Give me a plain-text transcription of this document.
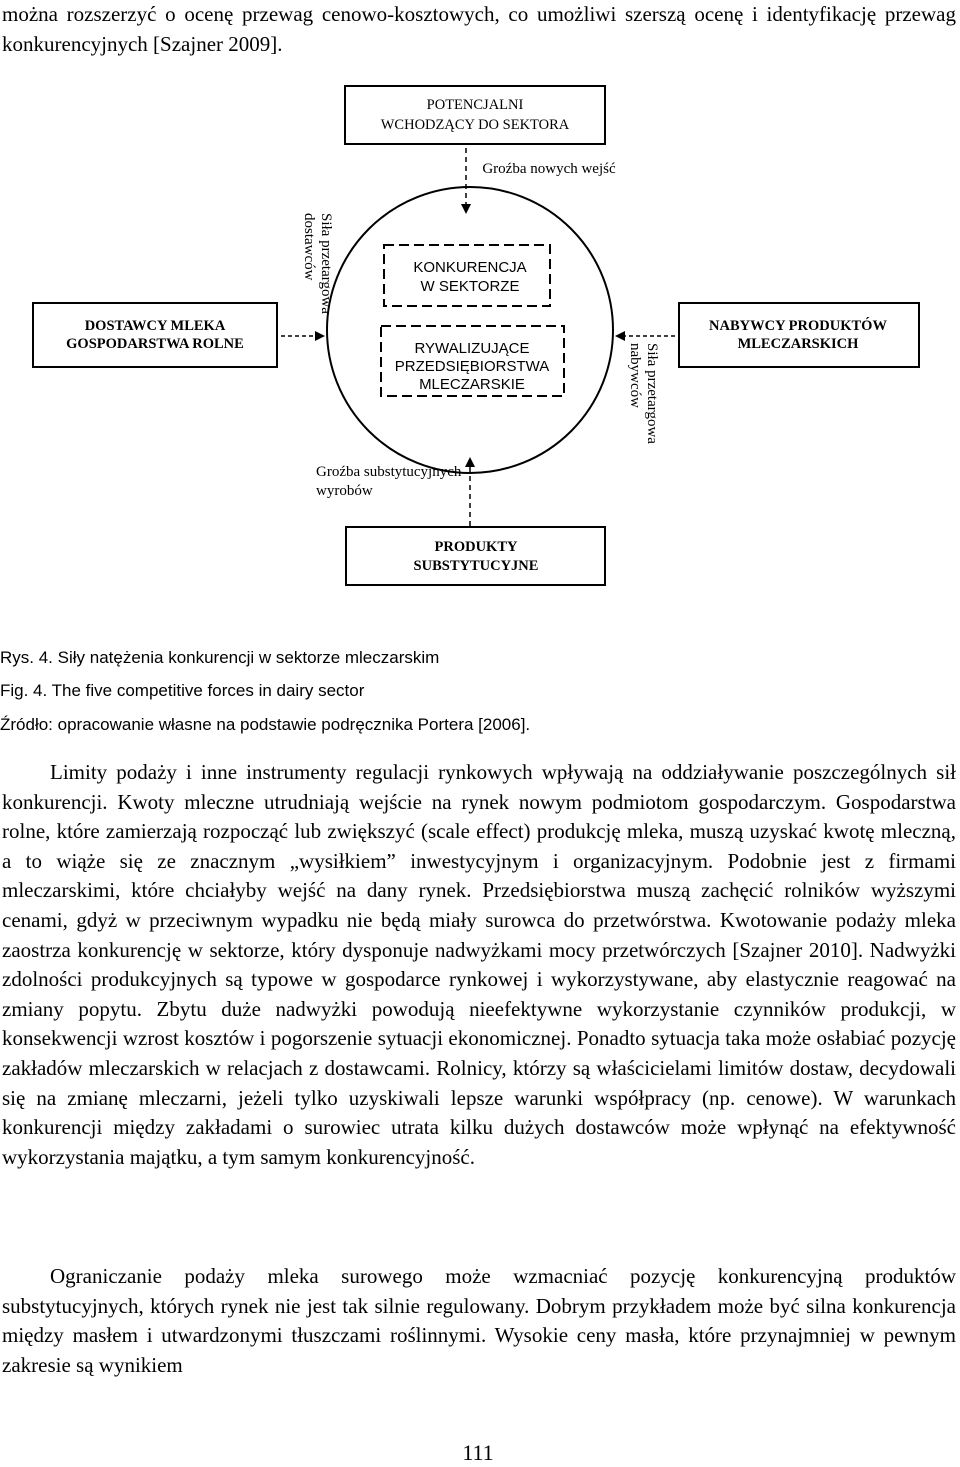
można rozszerzyć o ocenę przewag cenowo-kosztowych, co umożliwi szerszą ocenę i identyfikację przewag konkurencyjnych [Szajner 2009].

POTENCJALNI
WCHODZĄCY DO SEKTORA
Groźba nowych wejść
KONKURENCJA
W SEKTORZE
RYWALIZUJĄCE
PRZEDSIĘBIORSTWA
MLECZARSKIE
DOSTAWCY MLEKA
GOSPODARSTWA ROLNE
Siła przetargowa
dostawców
NABYWCY PRODUKTÓW
MLECZARSKICH
Siła przetargowa
nabywców
Groźba substytucyjnych
wyrobów
PRODUKTY
SUBSTYTUCYJNE

Rys. 4. Siły natężenia konkurencji w sektorze mleczarskim

Fig. 4. The five competitive forces in dairy sector

Źródło: opracowanie własne na podstawie podręcznika Portera [2006].

Limity podaży i inne instrumenty regulacji rynkowych wpływają na oddziaływanie poszczególnych sił konkurencji. Kwoty mleczne utrudniają wejście na rynek nowym podmiotom gospodarczym. Gospodarstwa rolne, które zamierzają rozpocząć lub zwiększyć (scale effect) produkcję mleka, muszą uzyskać kwotę mleczną, a to wiąże się ze znacznym „wysiłkiem” inwestycyjnym i organizacyjnym. Podobnie jest z firmami mleczarskimi, które chciałyby wejść na dany rynek. Przedsiębiorstwa muszą zachęcić rolników wyższymi cenami, gdyż w przeciwnym wypadku nie będą miały surowca do przetwórstwa. Kwotowanie podaży mleka zaostrza konkurencję w sektorze, który dysponuje nadwyżkami mocy przetwórczych [Szajner 2010]. Nadwyżki zdolności produkcyjnych są typowe w gospodarce rynkowej i wykorzystywane, aby elastycznie reagować na zmiany popytu. Zbytu duże nadwyżki powodują nieefektywne wykorzystanie czynników produkcji, w konsekwencji wzrost kosztów i pogorszenie sytuacji ekonomicznej. Ponadto sytuacja taka może osłabiać pozycję zakładów mleczarskich w relacjach z dostawcami. Rolnicy, którzy są właścicielami limitów dostaw, decydowali się na zmianę mleczarni, jeżeli tylko uzyskiwali lepsze warunki współpracy (np. cenowe). W warunkach konkurencji między zakładami o surowiec utrata kilku dużych dostawców może wpłynąć na efektywność wykorzystania majątku, a tym samym konkurencyjność.

Ograniczanie podaży mleka surowego może wzmacniać pozycję konkurencyjną produktów substytucyjnych, których rynek nie jest tak silnie regulowany. Dobrym przykładem może być silna konkurencja między masłem i utwardzonymi tłuszczami roślinnymi. Wysokie ceny masła, które przynajmniej w pewnym zakresie są wynikiem

111
